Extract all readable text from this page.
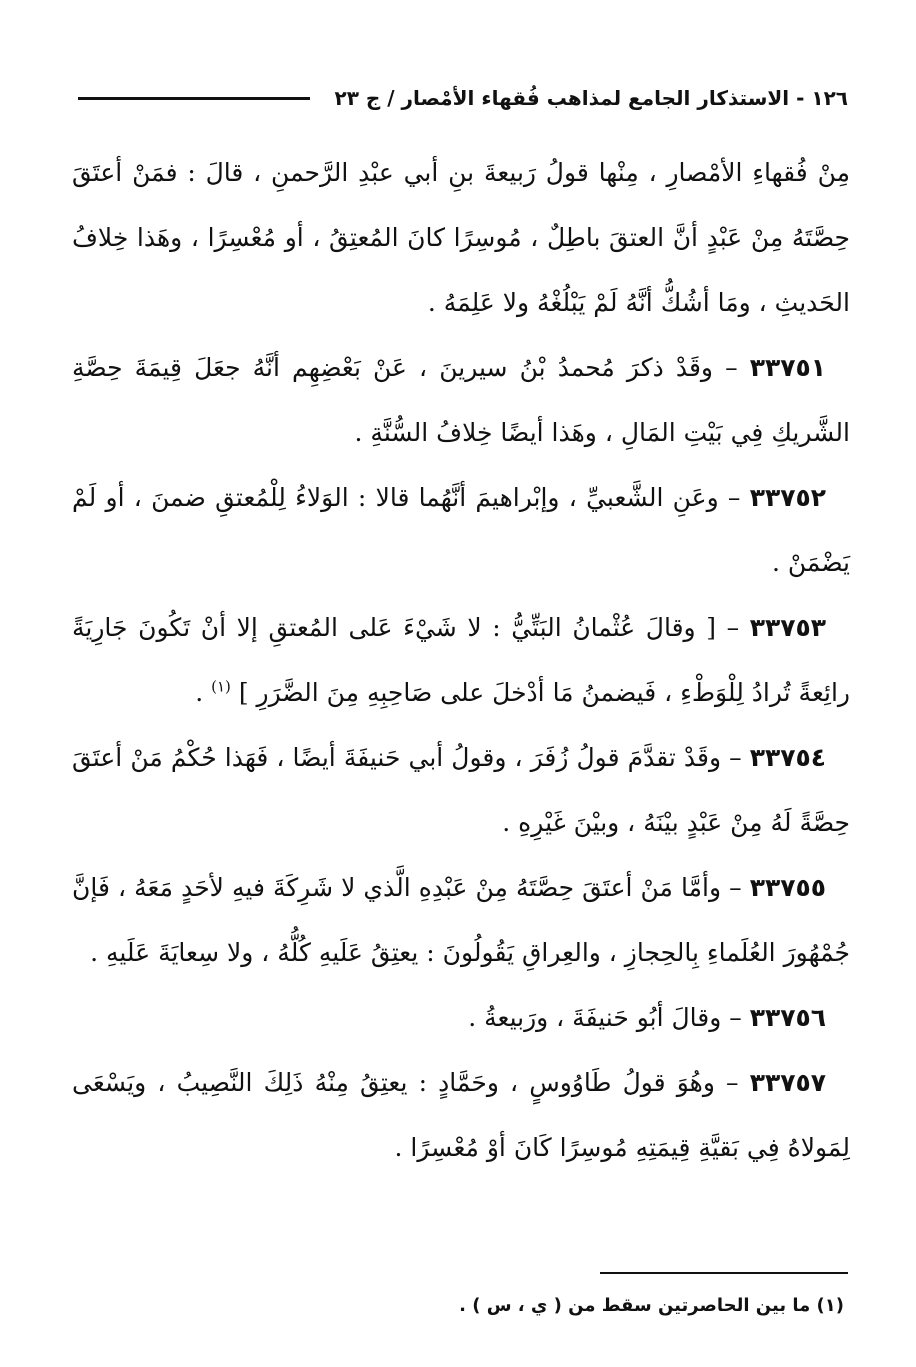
١٢٦ - الاستذكار الجامع لمذاهب فُقهاء الأمْصار / ج ٢٣

مِنْ فُقهاءِ الأمْصارِ ، مِنْها قولُ رَبيعةَ بنِ أبي عبْدِ الرَّحمنِ ، قالَ : فمَنْ أعتَقَ حِصَّتَهُ مِنْ عَبْدٍ أنَّ العتقَ باطِلٌ ، مُوسِرًا كانَ المُعتِقُ ، أو مُعْسِرًا ، وهَذا خِلافُ الحَديثِ ، ومَا أشُكُّ أنَّهُ لَمْ يَبْلُغْهُ ولا عَلِمَهُ .

٣٣٧٥١ – وقَدْ ذكرَ مُحمدُ بْنُ سيرينَ ، عَنْ بَعْضِهِم أنَّهُ جعَلَ قِيمَةَ حِصَّةِ الشَّريكِ فِي بَيْتِ المَالِ ، وهَذا أيضًا خِلافُ السُّنَّةِ .

٣٣٧٥٢ – وعَنِ الشَّعبيِّ ، وإبْراهيمَ أنَّهُما قالا : الوَلاءُ لِلْمُعتقِ ضمنَ ، أو لَمْ يَضْمَنْ .

٣٣٧٥٣ – [ وقالَ عُثْمانُ البَتِّيُّ : لا شَيْءَ عَلى المُعتقِ إلا أنْ تَكُونَ جَارِيَةً رائِعةً تُرادُ لِلْوَطْءِ ، فَيضمنُ مَا أدْخلَ على صَاحِبِهِ مِنَ الضَّرَرِ ] $^{(١)}$ .

٣٣٧٥٤ – وقَدْ تقدَّمَ قولُ زُفَرَ ، وقولُ أبي حَنيفَةَ أيضًا ، فَهَذا حُكْمُ مَنْ أعتَقَ حِصَّةً لَهُ مِنْ عَبْدٍ بيْنَهُ ، وبيْنَ غَيْرِهِ .

٣٣٧٥٥ – وأمَّا مَنْ أعتَقَ حِصَّتَهُ مِنْ عَبْدِهِ الَّذي لا شَرِكَةَ فيهِ لأحَدٍ مَعَهُ ، فَإنَّ جُمْهُورَ العُلَماءِ بِالحِجازِ ، والعِراقِ يَقُولُونَ : يعتِقُ عَلَيهِ كُلُّهُ ، ولا سِعايَةَ عَلَيهِ .

٣٣٧٥٦ – وقالَ أبُو حَنيفَةَ ، ورَبيعةُ .

٣٣٧٥٧ – وهُوَ قولُ طَاوُوسٍ ، وحَمَّادٍ : يعتِقُ مِنْهُ ذَلِكَ النَّصِيبُ ، ويَسْعَى لِمَولاهُ فِي بَقيَّةِ قِيمَتِهِ مُوسِرًا كَانَ أوْ مُعْسِرًا .

(١) ما بين الحاصرتين سقط من ( ي ، س ) .
